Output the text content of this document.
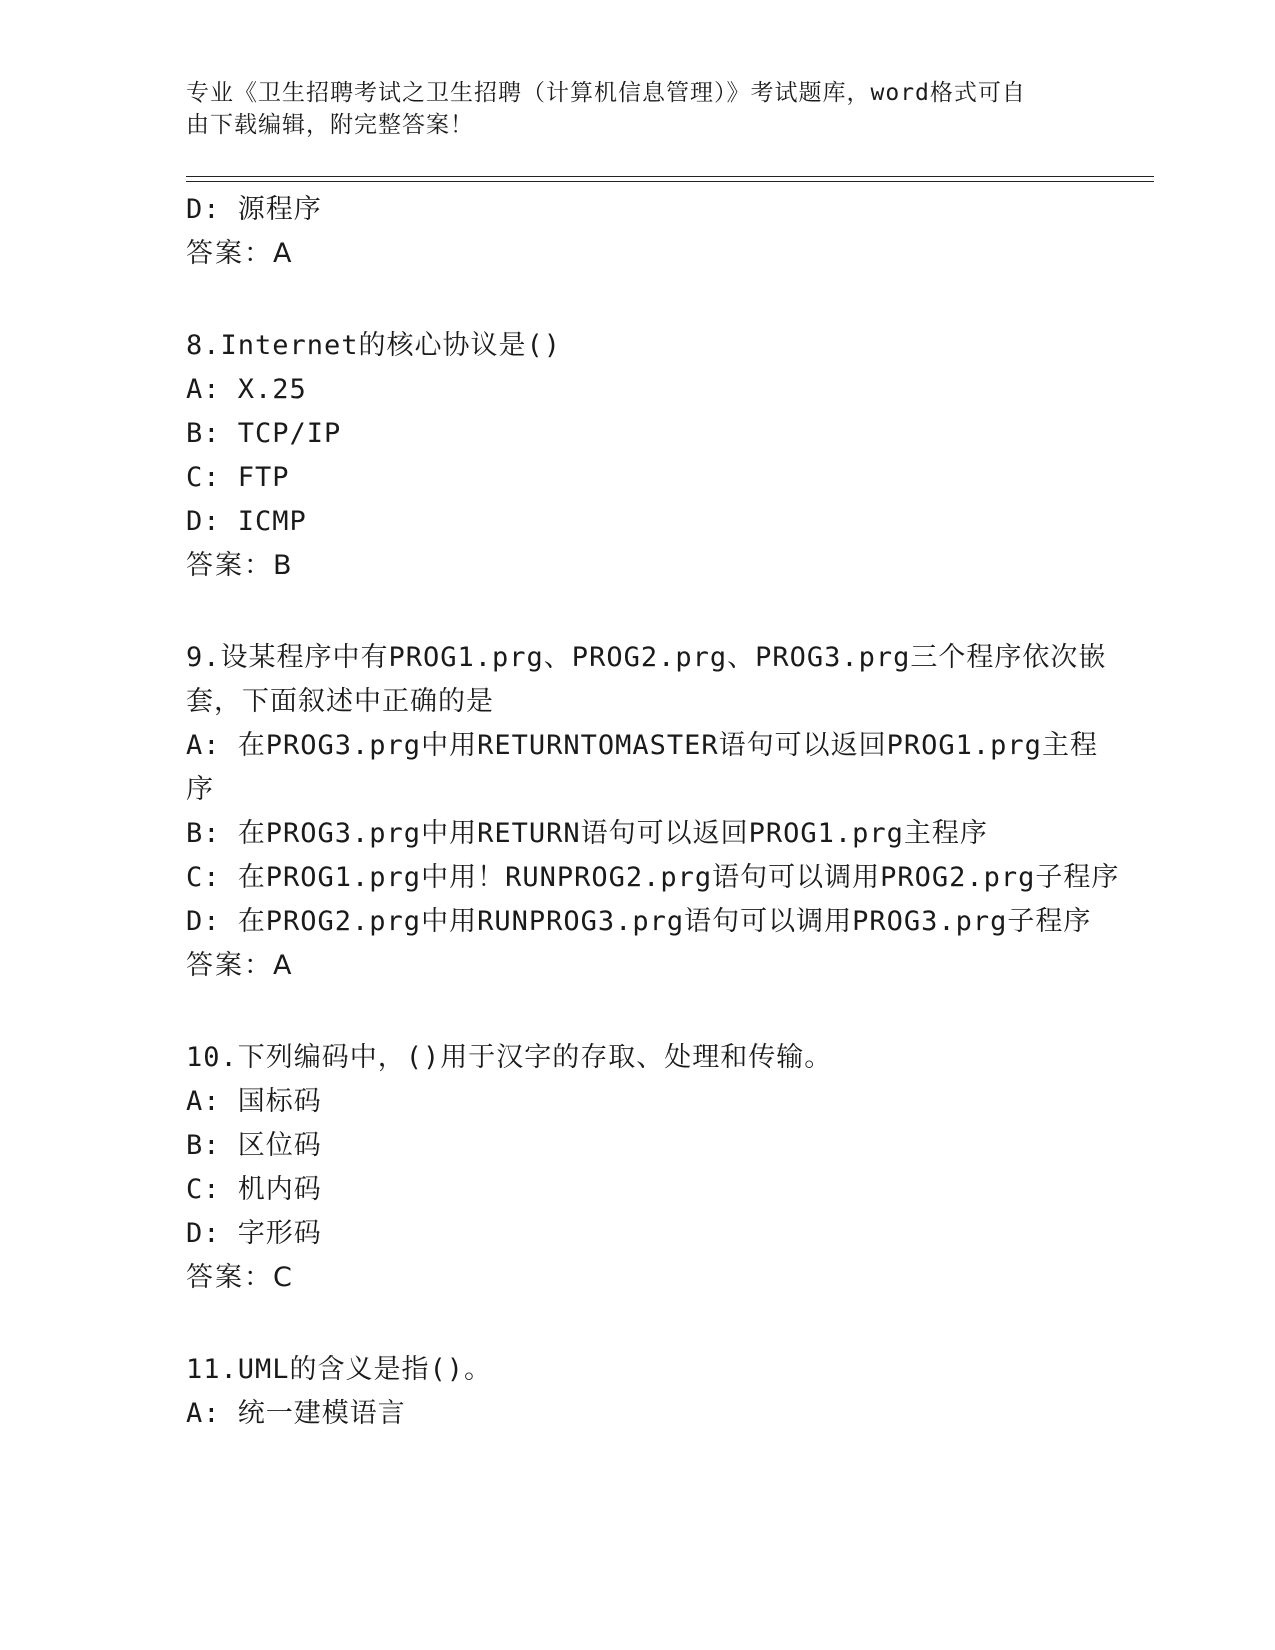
专业《卫生招聘考试之卫生招聘（计算机信息管理）》考试题库，word格式可自
由下载编辑，附完整答案！
D: 源程序
答案：A
8.Internet的核心协议是()
A: X.25
B: TCP/IP
C: FTP
D: ICMP
答案：B
9.设某程序中有PROG1.prg、PROG2.prg、PROG3.prg三个程序依次嵌
套，下面叙述中正确的是
A: 在PROG3.prg中用RETURNTOMASTER语句可以返回PROG1.prg主程
序
B: 在PROG3.prg中用RETURN语句可以返回PROG1.prg主程序
C: 在PROG1.prg中用！RUNPROG2.prg语句可以调用PROG2.prg子程序
D: 在PROG2.prg中用RUNPROG3.prg语句可以调用PROG3.prg子程序
答案：A
10.下列编码中，()用于汉字的存取、处理和传输。
A: 国标码
B: 区位码
C: 机内码
D: 字形码
答案：C
11.UML的含义是指()。
A: 统一建模语言
